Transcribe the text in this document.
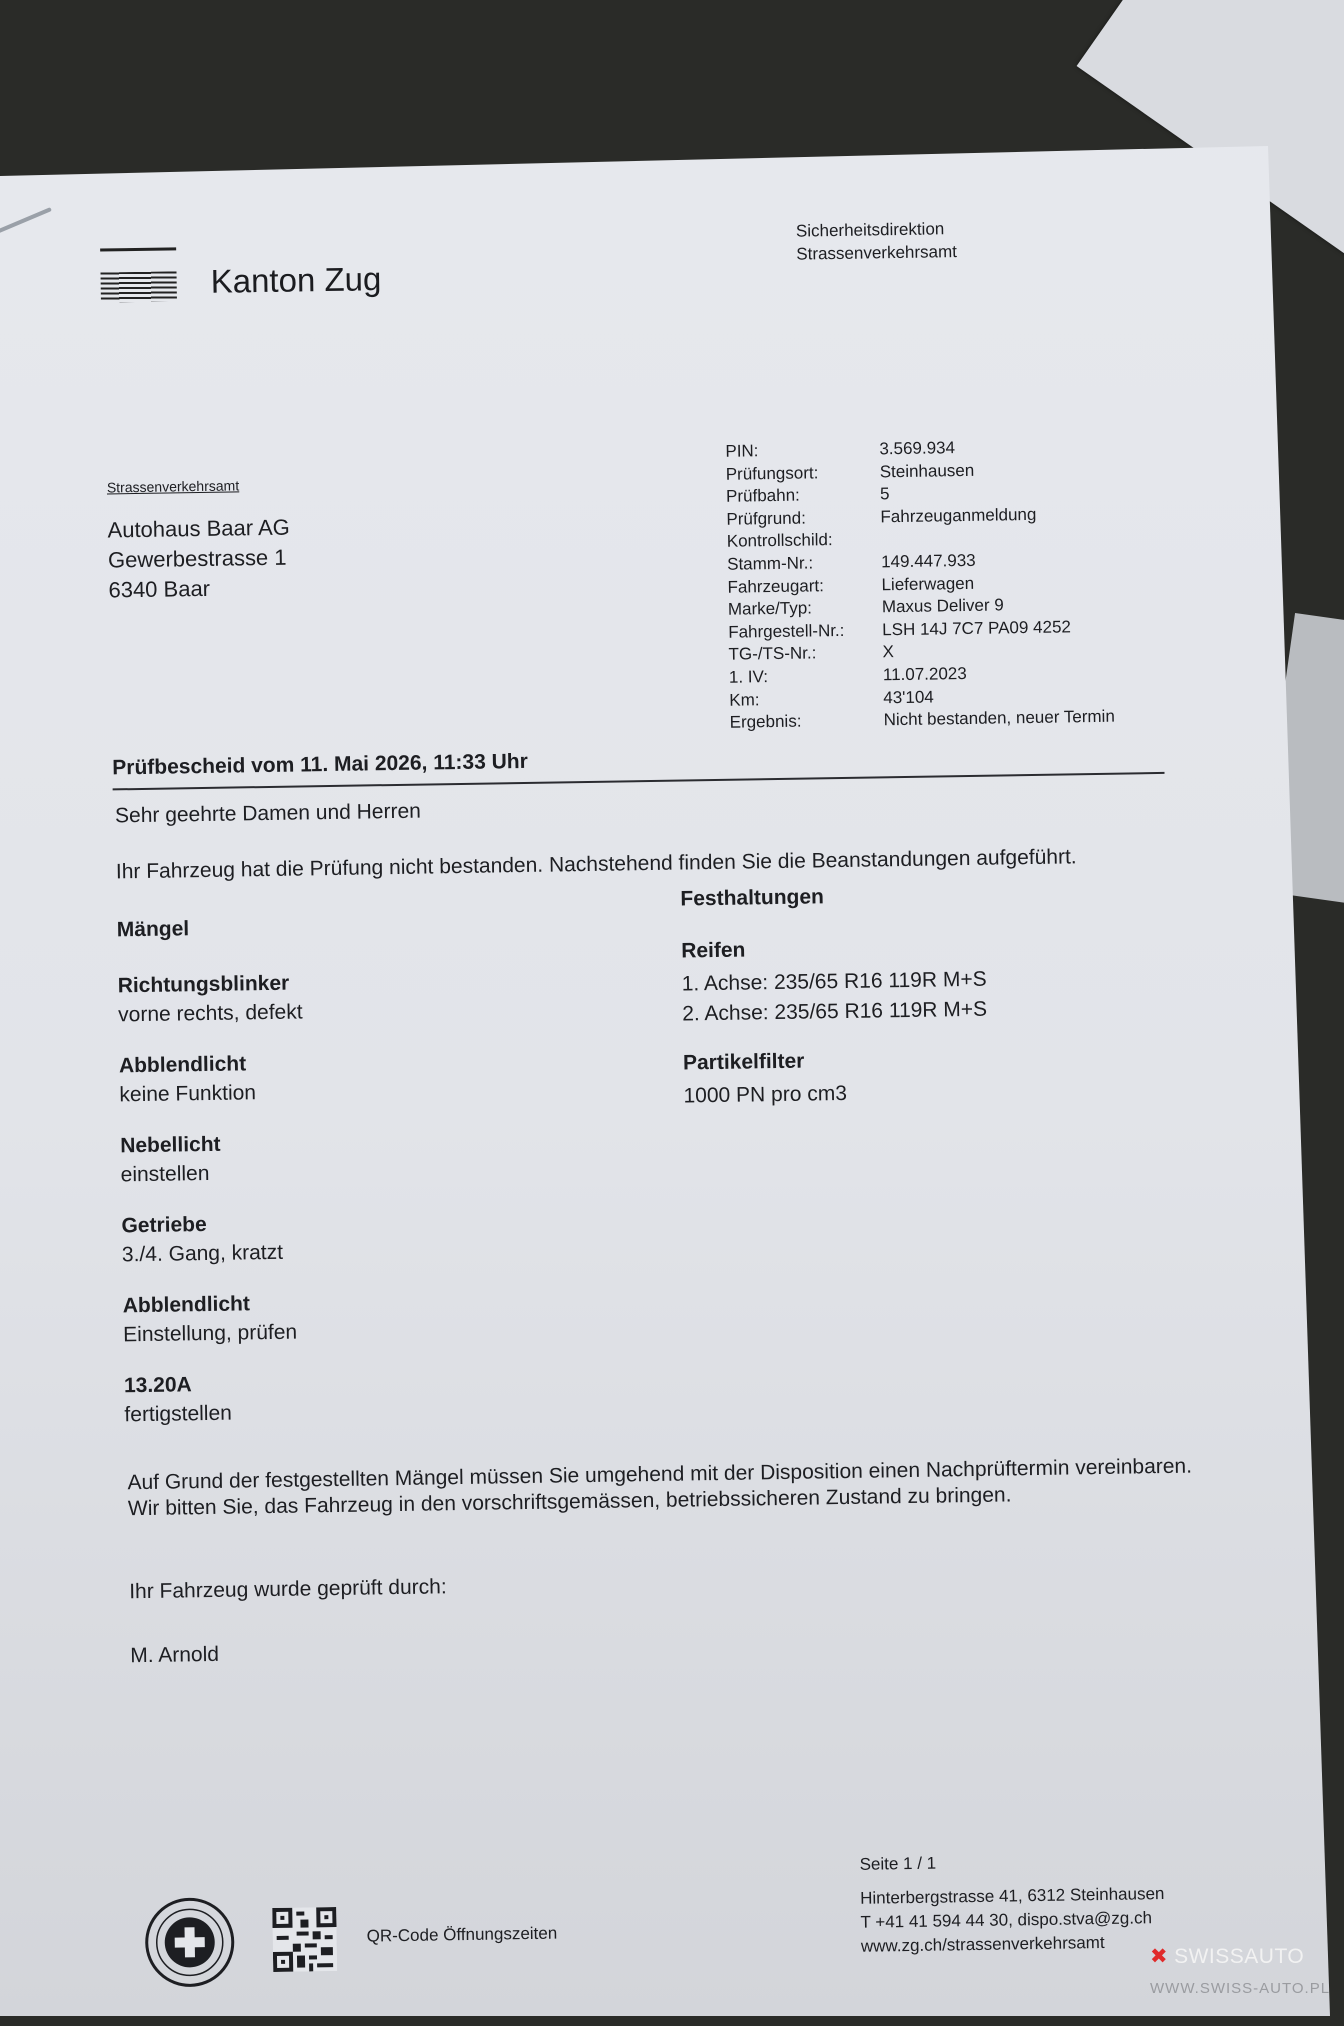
Kanton Zug
Sicherheitsdirektion
Strassenverkehrsamt
Strassenverkehrsamt
Autohaus Baar AG
Gewerbestrasse 1
6340 Baar
PIN:	3.569.934
Prüfungsort:	Steinhausen
Prüfbahn:	5
Prüfgrund:	Fahrzeuganmeldung
Kontrollschild:
Stamm-Nr.:	149.447.933
Fahrzeugart:	Lieferwagen
Marke/Typ:	Maxus Deliver 9
Fahrgestell-Nr.:	LSH 14J 7C7 PA09 4252
TG-/TS-Nr.:	X
1. IV:	11.07.2023
Km:	43'104
Ergebnis:	Nicht bestanden, neuer Termin
Prüfbescheid vom 11. Mai 2026, 11:33 Uhr
Sehr geehrte Damen und Herren
Ihr Fahrzeug hat die Prüfung nicht bestanden. Nachstehend finden Sie die Beanstandungen aufgeführt.
Mängel
Richtungsblinker
vorne rechts, defekt
Abblendlicht
keine Funktion
Nebellicht
einstellen
Getriebe
3./4. Gang, kratzt
Abblendlicht
Einstellung, prüfen
13.20A
fertigstellen
Festhaltungen
Reifen
1. Achse: 235/65 R16 119R M+S
2. Achse: 235/65 R16 119R M+S
Partikelfilter
1000 PN pro cm3
Auf Grund der festgestellten Mängel müssen Sie umgehend mit der Disposition einen Nachprüftermin vereinbaren. Wir bitten Sie, das Fahrzeug in den vorschriftsgemässen, betriebssicheren Zustand zu bringen.
Ihr Fahrzeug wurde geprüft durch:
M. Arnold
Seite 1 / 1
Hinterbergstrasse 41, 6312 Steinhausen
T +41 41 594 44 30, dispo.stva@zg.ch
www.zg.ch/strassenverkehrsamt
QR-Code Öffnungszeiten
✖ SWISSAUTO
WWW.SWISS-AUTO.PL
